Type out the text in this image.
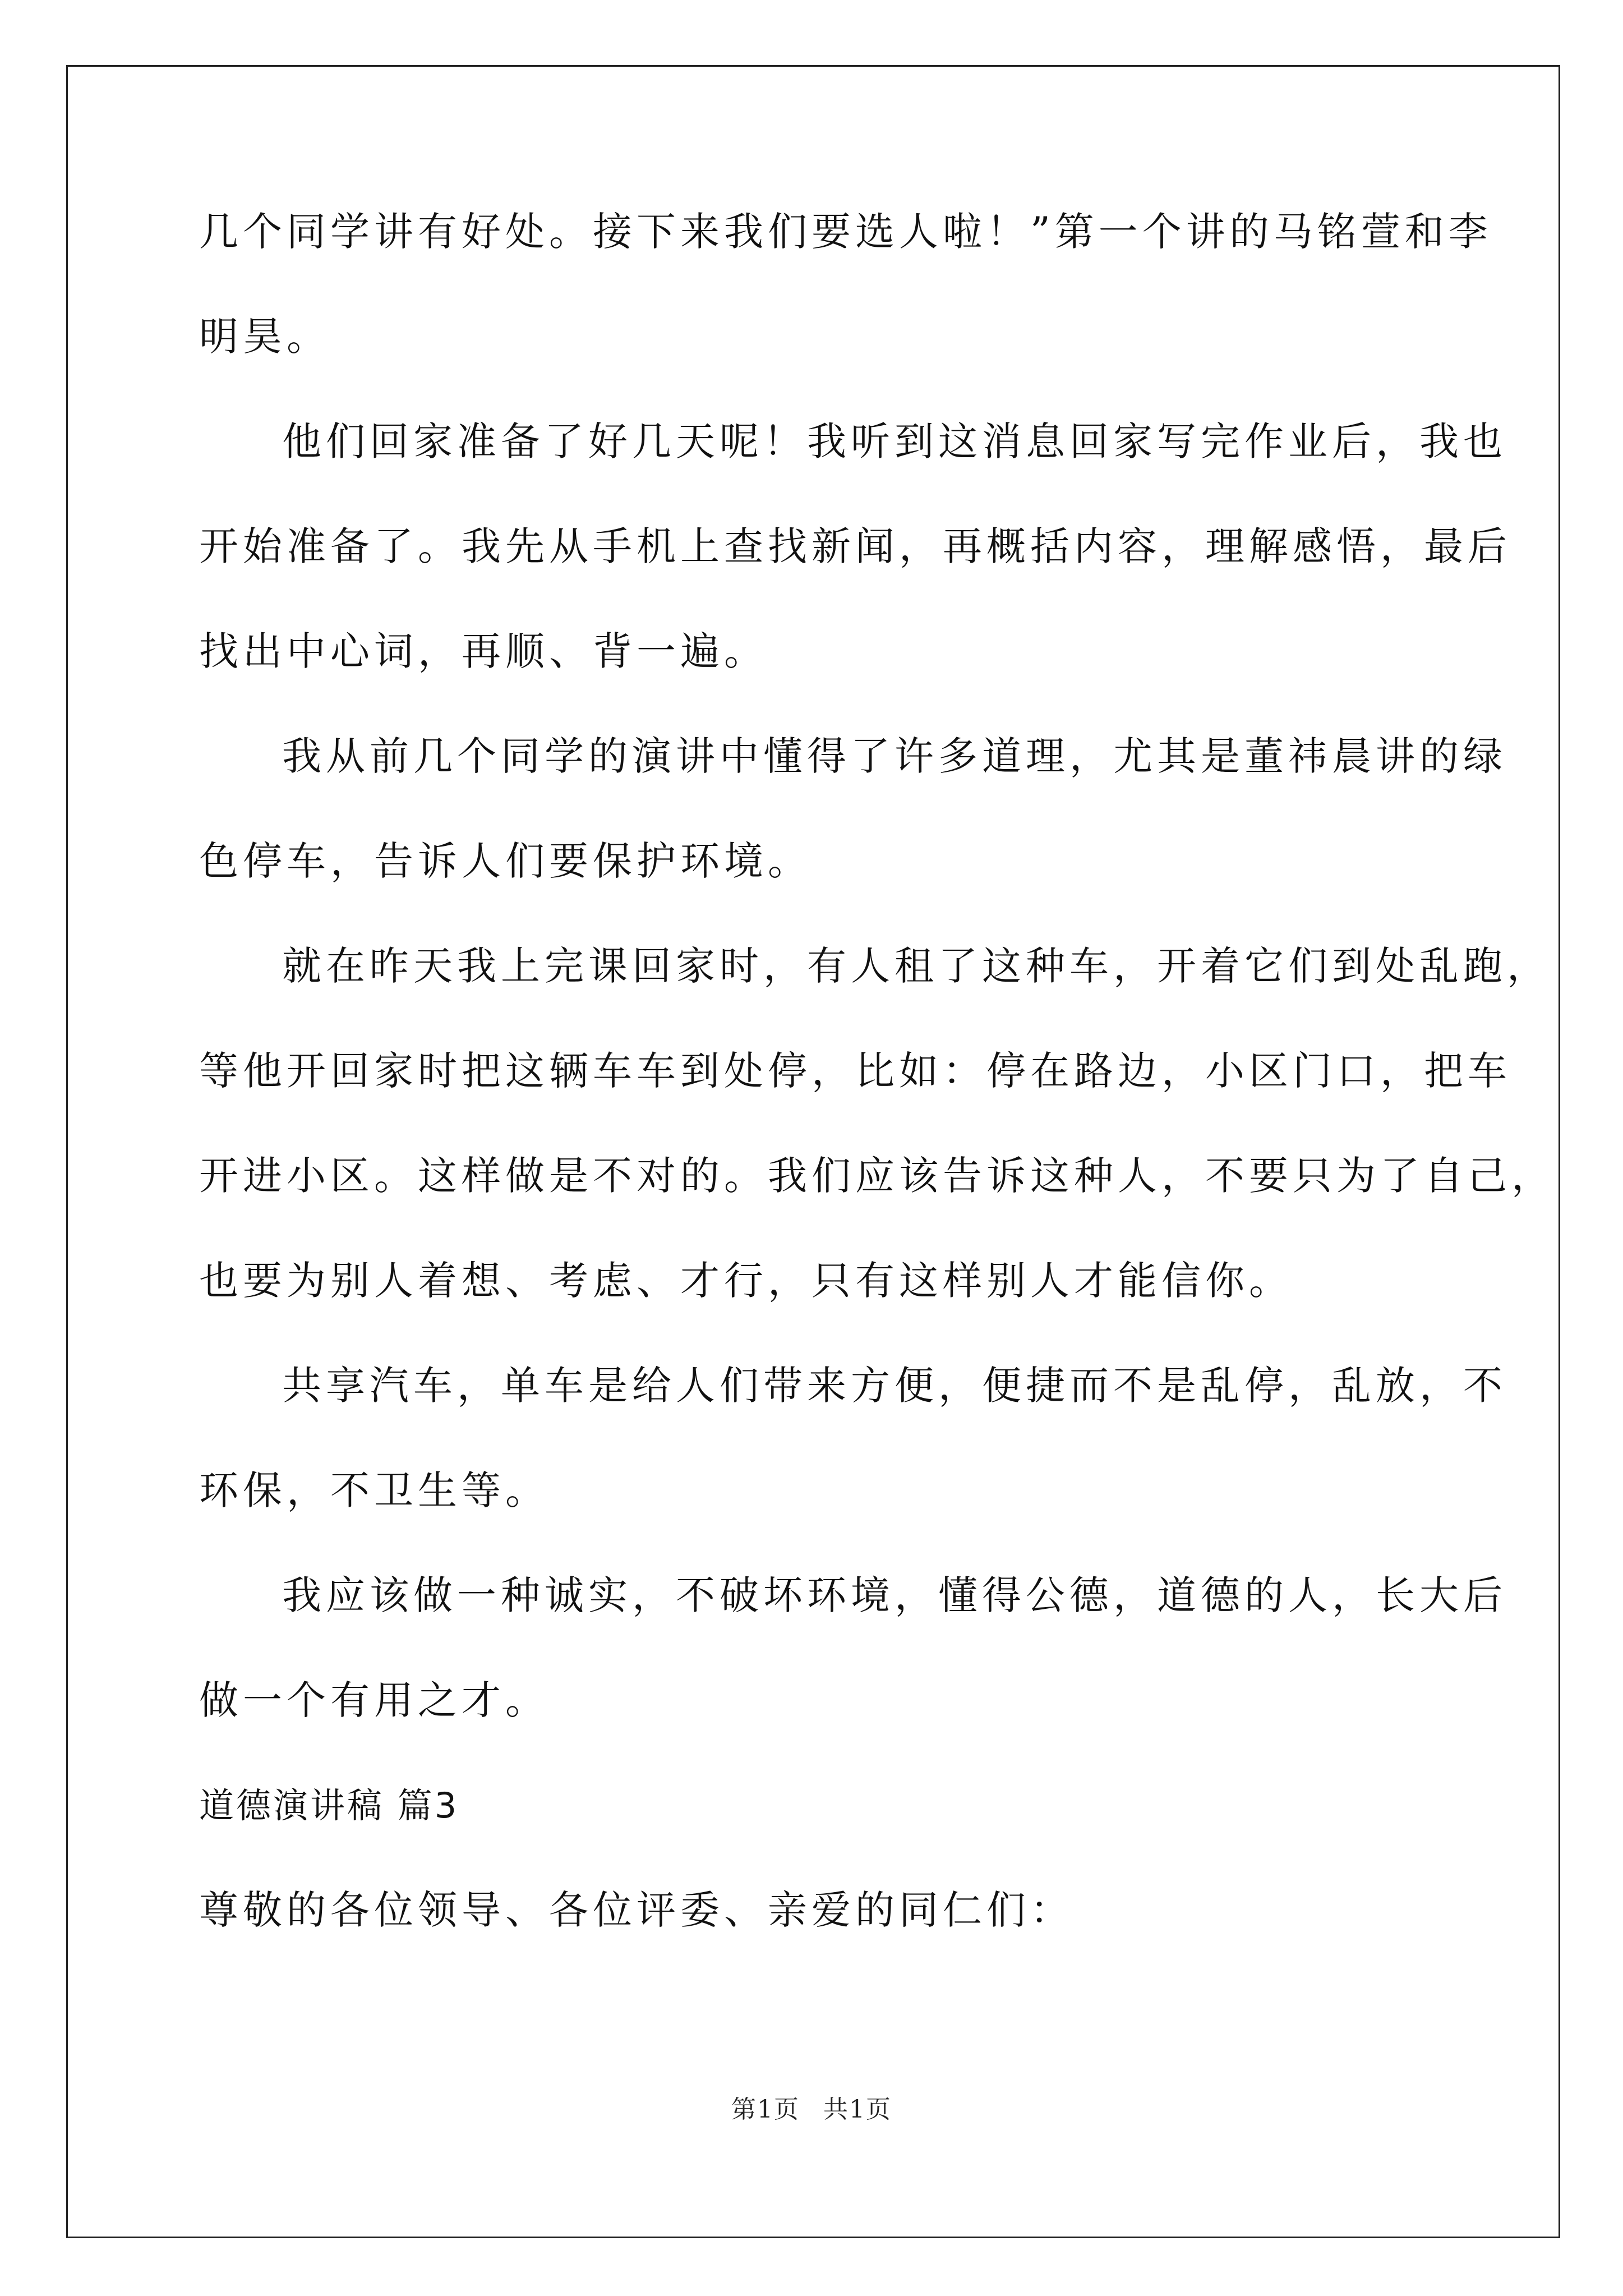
几个同学讲有好处。接下来我们要选人啦！”第一个讲的马铭萱和李
明昊。
他们回家准备了好几天呢！我听到这消息回家写完作业后，我也
开始准备了。我先从手机上查找新闻，再概括内容，理解感悟，最后
找出中心词，再顺、背一遍。
我从前几个同学的演讲中懂得了许多道理，尤其是董祎晨讲的绿
色停车，告诉人们要保护环境。
就在昨天我上完课回家时，有人租了这种车，开着它们到处乱跑，
等他开回家时把这辆车车到处停，比如：停在路边，小区门口，把车
开进小区。这样做是不对的。我们应该告诉这种人，不要只为了自己，
也要为别人着想、考虑、才行，只有这样别人才能信你。
共享汽车，单车是给人们带来方便，便捷而不是乱停，乱放，不
环保，不卫生等。
我应该做一种诚实，不破坏环境，懂得公德，道德的人，长大后
做一个有用之才。
道德演讲稿 篇3
尊敬的各位领导、各位评委、亲爱的同仁们：
第1页 共1页
